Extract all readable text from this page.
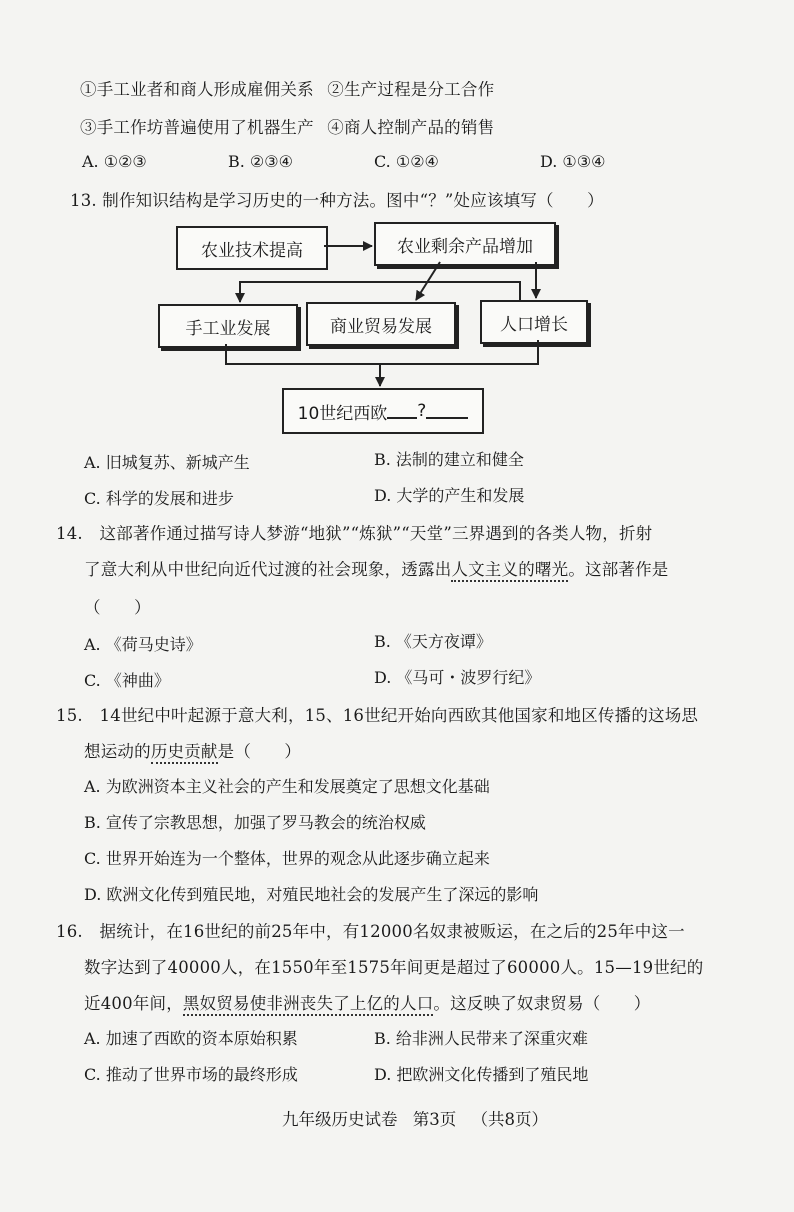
①手工业者和商人形成雇佣关系 ②生产过程是分工合作
③手工作坊普遍使用了机器生产 ④商人控制产品的销售
A. ①②③	B. ②③④	C. ①②④	D. ①③④
13. 制作知识结构是学习历史的一种方法。图中“？”处应该填写（　　）
农业技术提高	农业剩余产品增加
手工业发展	商业贸易发展	人口增长
10世纪西欧 ?
A. 旧城复苏、新城产生	B. 法制的建立和健全
C. 科学的发展和进步	D. 大学的产生和发展
14.　这部著作通过描写诗人梦游“地狱”“炼狱”“天堂”三界遇到的各类人物，折射
了意大利从中世纪向近代过渡的社会现象，透露出人文主义的曙光。这部著作是
（　　）
A. 《荷马史诗》	B. 《天方夜谭》
C. 《神曲》	D. 《马可・波罗行纪》
15.　14世纪中叶起源于意大利，15、16世纪开始向西欧其他国家和地区传播的这场思
想运动的历史贡献是（　　）
A. 为欧洲资本主义社会的产生和发展奠定了思想文化基础
B. 宣传了宗教思想，加强了罗马教会的统治权威
C. 世界开始连为一个整体，世界的观念从此逐步确立起来
D. 欧洲文化传到殖民地，对殖民地社会的发展产生了深远的影响
16.　据统计，在16世纪的前25年中，有12000名奴隶被贩运，在之后的25年中这一
数字达到了40000人，在1550年至1575年间更是超过了60000人。15—19世纪的
近400年间，黑奴贸易使非洲丧失了上亿的人口。这反映了奴隶贸易（　　）
A. 加速了西欧的资本原始积累	B. 给非洲人民带来了深重灾难
C. 推动了世界市场的最终形成	D. 把欧洲文化传播到了殖民地
九年级历史试卷 第3页 （共8页）
